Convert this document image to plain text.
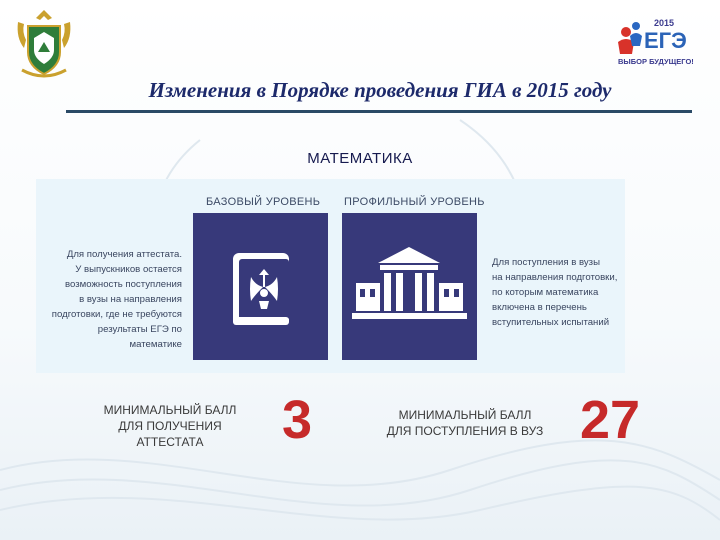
2015
ЕГЭ
ВЫБОР БУДУЩЕГО!
Изменения в Порядке проведения ГИА в 2015 году
МАТЕМАТИКА
БАЗОВЫЙ УРОВЕНЬ ПРОФИЛЬНЫЙ УРОВЕНЬ
Для получения аттестата.
У выпускников остается
возможность поступления
в вузы на направления
подготовки, где не требуются
результаты ЕГЭ по математике
Для поступления в вузы
на направления подготовки,
по которым математика
включена в перечень
вступительных испытаний
МИНИМАЛЬНЫЙ БАЛЛ
ДЛЯ ПОЛУЧЕНИЯ
АТТЕСТАТА	3	МИНИМАЛЬНЫЙ БАЛЛ
ДЛЯ ПОСТУПЛЕНИЯ В ВУЗ 27
